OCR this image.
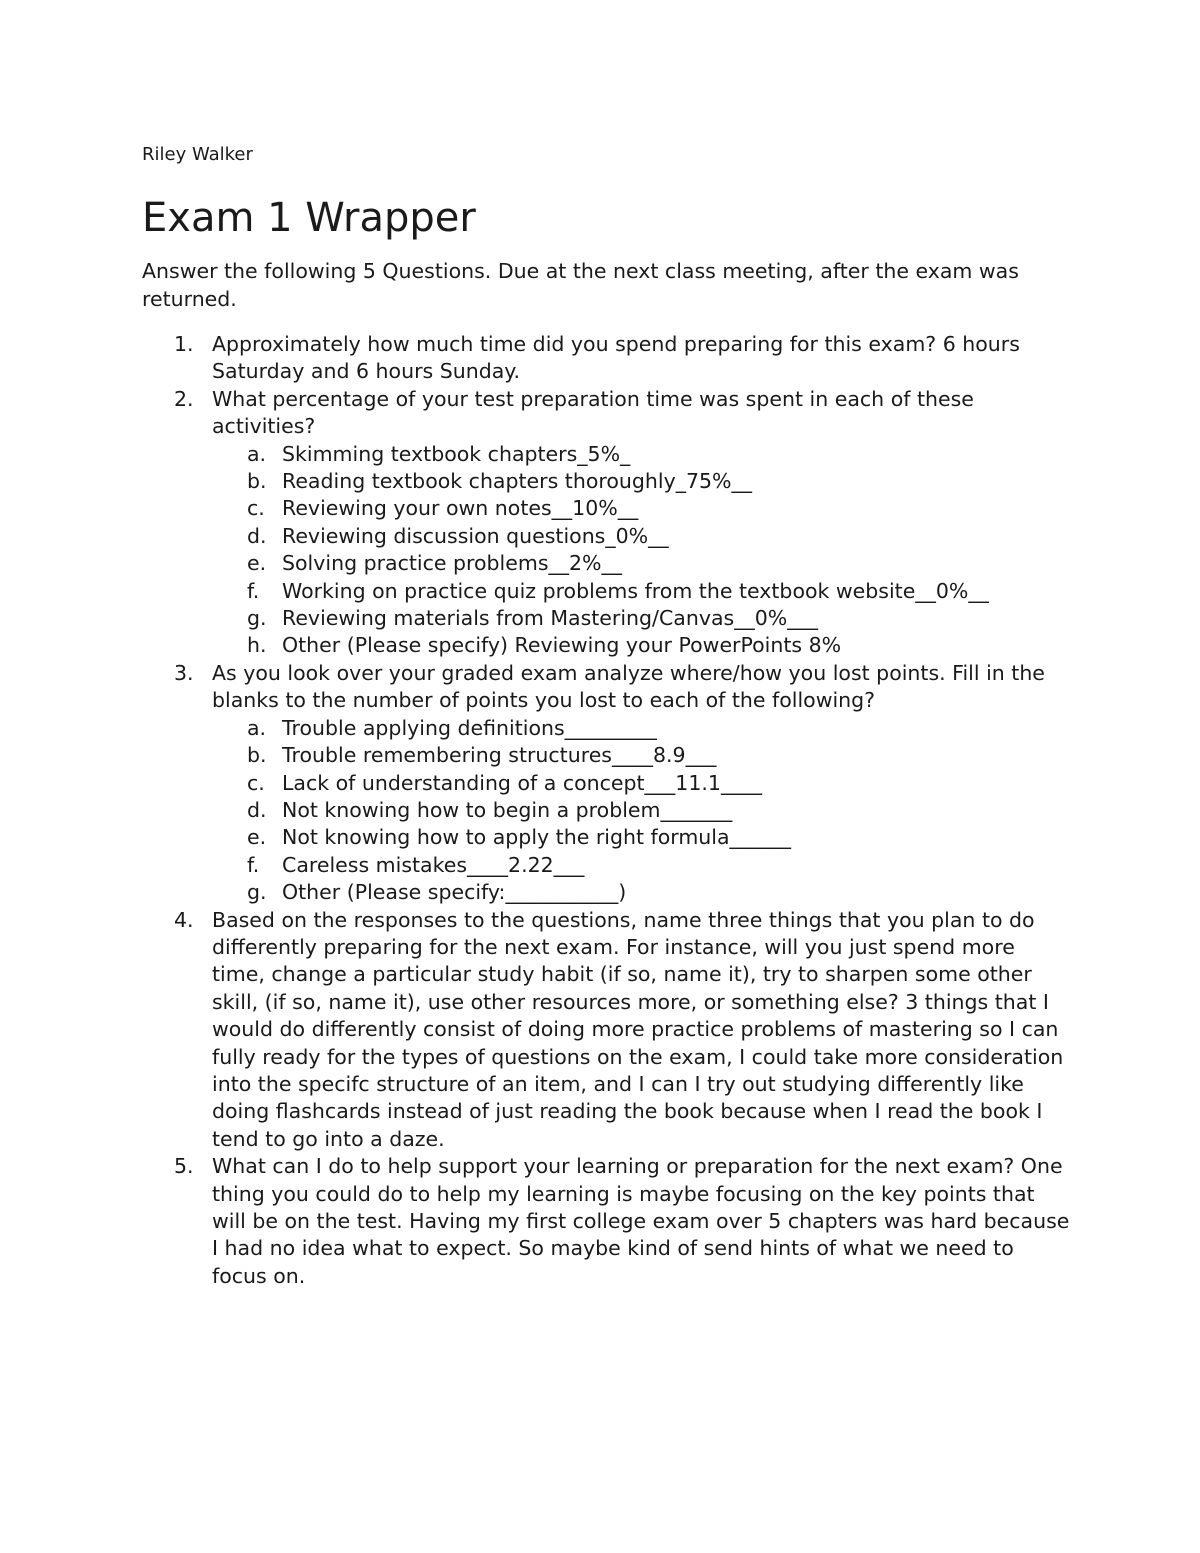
Riley Walker

Exam 1 Wrapper

Answer the following 5 Questions. Due at the next class meeting, after the exam was returned.

1. Approximately how much time did you spend preparing for this exam? 6 hours Saturday and 6 hours Sunday.
2. What percentage of your test preparation time was spent in each of these activities?
a. Skimming textbook chapters_5%_
b. Reading textbook chapters thoroughly_75%__
c. Reviewing your own notes__10%__
d. Reviewing discussion questions_0%__
e. Solving practice problems__2%__
f. Working on practice quiz problems from the textbook website__0%__
g. Reviewing materials from Mastering/Canvas__0%___
h. Other (Please specify) Reviewing your PowerPoints 8%
3. As you look over your graded exam analyze where/how you lost points. Fill in the blanks to the number of points you lost to each of the following?
a. Trouble applying definitions_________
b. Trouble remembering structures____8.9___
c. Lack of understanding of a concept___11.1____
d. Not knowing how to begin a problem_______
e. Not knowing how to apply the right formula______
f. Careless mistakes____2.22___
g. Other (Please specify:___________)
4. Based on the responses to the questions, name three things that you plan to do differently preparing for the next exam. For instance, will you just spend more time, change a particular study habit (if so, name it), try to sharpen some other skill, (if so, name it), use other resources more, or something else? 3 things that I would do differently consist of doing more practice problems of mastering so I can fully ready for the types of questions on the exam, I could take more consideration into the specifc structure of an item, and I can I try out studying differently like doing flashcards instead of just reading the book because when I read the book I tend to go into a daze.
5. What can I do to help support your learning or preparation for the next exam? One thing you could do to help my learning is maybe focusing on the key points that will be on the test. Having my first college exam over 5 chapters was hard because I had no idea what to expect. So maybe kind of send hints of what we need to focus on.
